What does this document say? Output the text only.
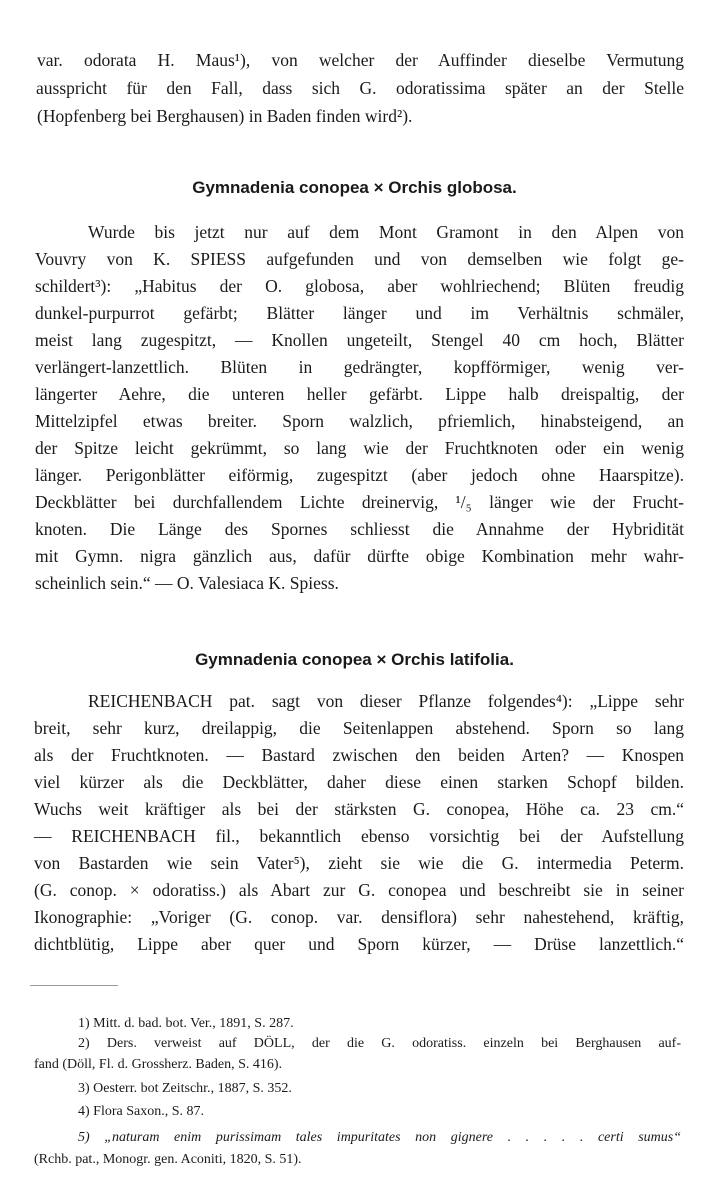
var. odorata H. Maus¹), von welcher der Auffinder dieselbe Vermutung
ausspricht für den Fall, dass sich G. odoratissima später an der Stelle
(Hopfenberg bei Berghausen) in Baden finden wird²).
Gymnadenia conopea × Orchis globosa.
Wurde bis jetzt nur auf dem Mont Gramont in den Alpen von
Vouvry von K. SPIESS aufgefunden und von demselben wie folgt ge-
schildert³): „Habitus der O. globosa, aber wohlriechend; Blüten freudig
dunkel-purpurrot gefärbt; Blätter länger und im Verhältnis schmäler,
meist lang zugespitzt, — Knollen ungeteilt, Stengel 40 cm hoch, Blätter
verlängert-lanzettlich. Blüten in gedrängter, kopfförmiger, wenig ver-
längerter Aehre, die unteren heller gefärbt. Lippe halb dreispaltig, der
Mittelzipfel etwas breiter. Sporn walzlich, pfriemlich, hinabsteigend, an
der Spitze leicht gekrümmt, so lang wie der Fruchtknoten oder ein wenig
länger. Perigonblätter eiförmig, zugespitzt (aber jedoch ohne Haarspitze).
Deckblätter bei durchfallendem Lichte dreinervig, ¹/₅ länger wie der Frucht-
knoten. Die Länge des Spornes schliesst die Annahme der Hybridität
mit Gymn. nigra gänzlich aus, dafür dürfte obige Kombination mehr wahr-
scheinlich sein.“ — O. Valesiaca K. Spiess.
Gymnadenia conopea × Orchis latifolia.
REICHENBACH pat. sagt von dieser Pflanze folgendes⁴): „Lippe sehr
breit, sehr kurz, dreilappig, die Seitenlappen abstehend. Sporn so lang
als der Fruchtknoten. — Bastard zwischen den beiden Arten? — Knospen
viel kürzer als die Deckblätter, daher diese einen starken Schopf bilden.
Wuchs weit kräftiger als bei der stärksten G. conopea, Höhe ca. 23 cm.“
— REICHENBACH fil., bekanntlich ebenso vorsichtig bei der Aufstellung
von Bastarden wie sein Vater⁵), zieht sie wie die G. intermedia Peterm.
(G. conop. × odoratiss.) als Abart zur G. conopea und beschreibt sie in seiner
Ikonographie: „Voriger (G. conop. var. densiflora) sehr nahestehend, kräftig,
dichtblütig, Lippe aber quer und Sporn kürzer, — Drüse lanzettlich.“
1) Mitt. d. bad. bot. Ver., 1891, S. 287.
2) Ders. verweist auf DÖLL, der die G. odoratiss. einzeln bei Berghausen auf-
fand (Döll, Fl. d. Grossherz. Baden, S. 416).
3) Oesterr. bot Zeitschr., 1887, S. 352.
4) Flora Saxon., S. 87.
5) „naturam enim purissimam tales impuritates non gignere . . . . . certi sumus“
(Rchb. pat., Monogr. gen. Aconiti, 1820, S. 51).
